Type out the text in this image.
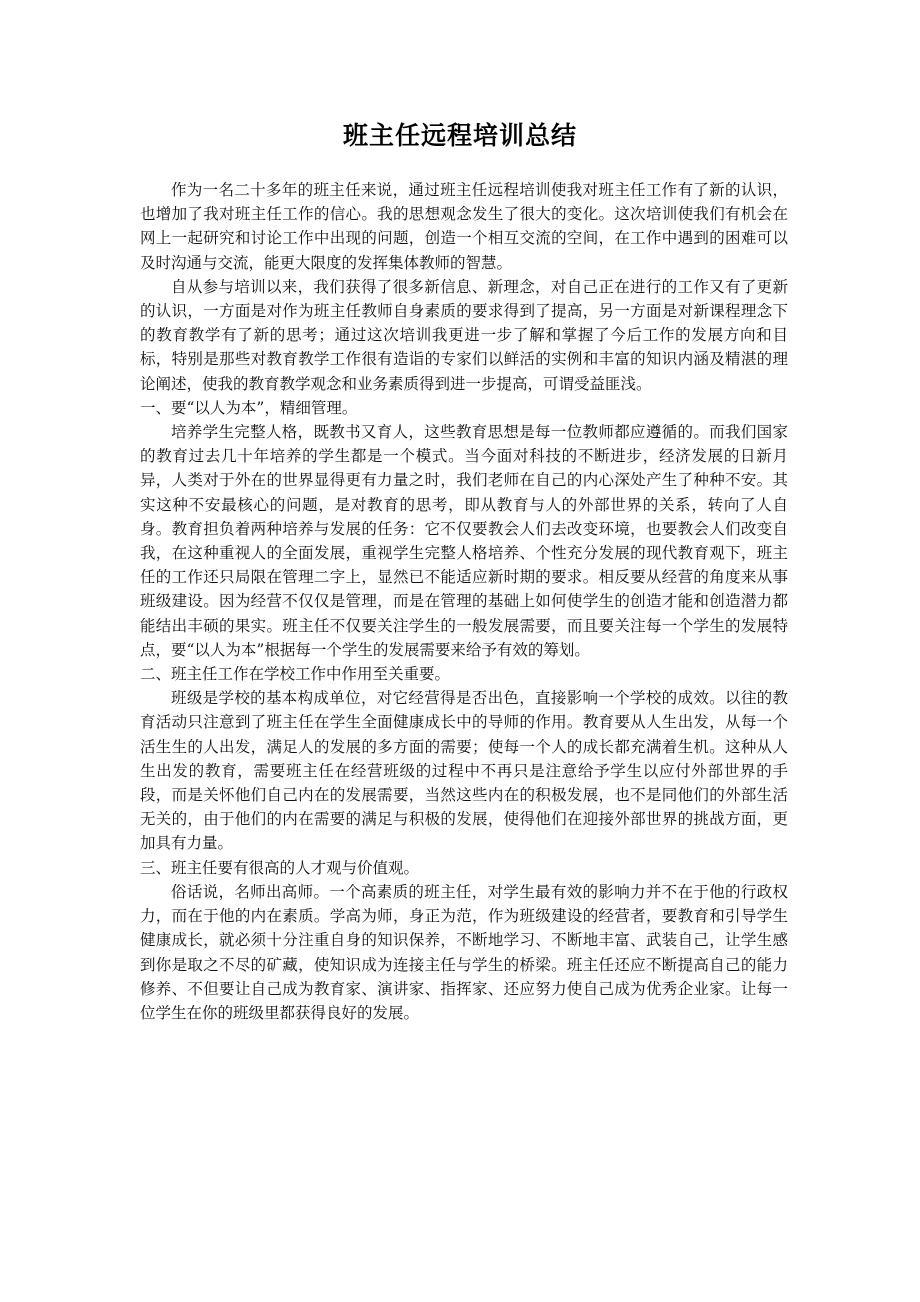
班主任远程培训总结

作为一名二十多年的班主任来说，通过班主任远程培训使我对班主任工作有了新的认识，也增加了我对班主任工作的信心。我的思想观念发生了很大的变化。这次培训使我们有机会在网上一起研究和讨论工作中出现的问题，创造一个相互交流的空间，在工作中遇到的困难可以及时沟通与交流，能更大限度的发挥集体教师的智慧。

自从参与培训以来，我们获得了很多新信息、新理念，对自己正在进行的工作又有了更新的认识，一方面是对作为班主任教师自身素质的要求得到了提高，另一方面是对新课程理念下的教育教学有了新的思考；通过这次培训我更进一步了解和掌握了今后工作的发展方向和目标，特别是那些对教育教学工作很有造诣的专家们以鲜活的实例和丰富的知识内涵及精湛的理论阐述，使我的教育教学观念和业务素质得到进一步提高，可谓受益匪浅。

一、要“以人为本”，精细管理。

培养学生完整人格，既教书又育人，这些教育思想是每一位教师都应遵循的。而我们国家的教育过去几十年培养的学生都是一个模式。当今面对科技的不断进步，经济发展的日新月异，人类对于外在的世界显得更有力量之时，我们老师在自己的内心深处产生了种种不安。其实这种不安最核心的问题，是对教育的思考，即从教育与人的外部世界的关系，转向了人自身。教育担负着两种培养与发展的任务：它不仅要教会人们去改变环境，也要教会人们改变自我，在这种重视人的全面发展，重视学生完整人格培养、个性充分发展的现代教育观下，班主任的工作还只局限在管理二字上，显然已不能适应新时期的要求。相反要从经营的角度来从事班级建设。因为经营不仅仅是管理，而是在管理的基础上如何使学生的创造才能和创造潜力都能结出丰硕的果实。班主任不仅要关注学生的一般发展需要，而且要关注每一个学生的发展特点，要“以人为本”根据每一个学生的发展需要来给予有效的筹划。

二、班主任工作在学校工作中作用至关重要。

班级是学校的基本构成单位，对它经营得是否出色，直接影响一个学校的成效。以往的教育活动只注意到了班主任在学生全面健康成长中的导师的作用。教育要从人生出发，从每一个活生生的人出发，满足人的发展的多方面的需要；使每一个人的成长都充满着生机。这种从人生出发的教育，需要班主任在经营班级的过程中不再只是注意给予学生以应付外部世界的手段，而是关怀他们自己内在的发展需要，当然这些内在的积极发展，也不是同他们的外部生活无关的，由于他们的内在需要的满足与积极的发展，使得他们在迎接外部世界的挑战方面，更加具有力量。

三、班主任要有很高的人才观与价值观。

俗话说，名师出高师。一个高素质的班主任，对学生最有效的影响力并不在于他的行政权力，而在于他的内在素质。学高为师，身正为范，作为班级建设的经营者，要教育和引导学生健康成长，就必须十分注重自身的知识保养，不断地学习、不断地丰富、武装自己，让学生感到你是取之不尽的矿藏，使知识成为连接主任与学生的桥梁。班主任还应不断提高自己的能力修养、不但要让自己成为教育家、演讲家、指挥家、还应努力使自己成为优秀企业家。让每一位学生在你的班级里都获得良好的发展。
